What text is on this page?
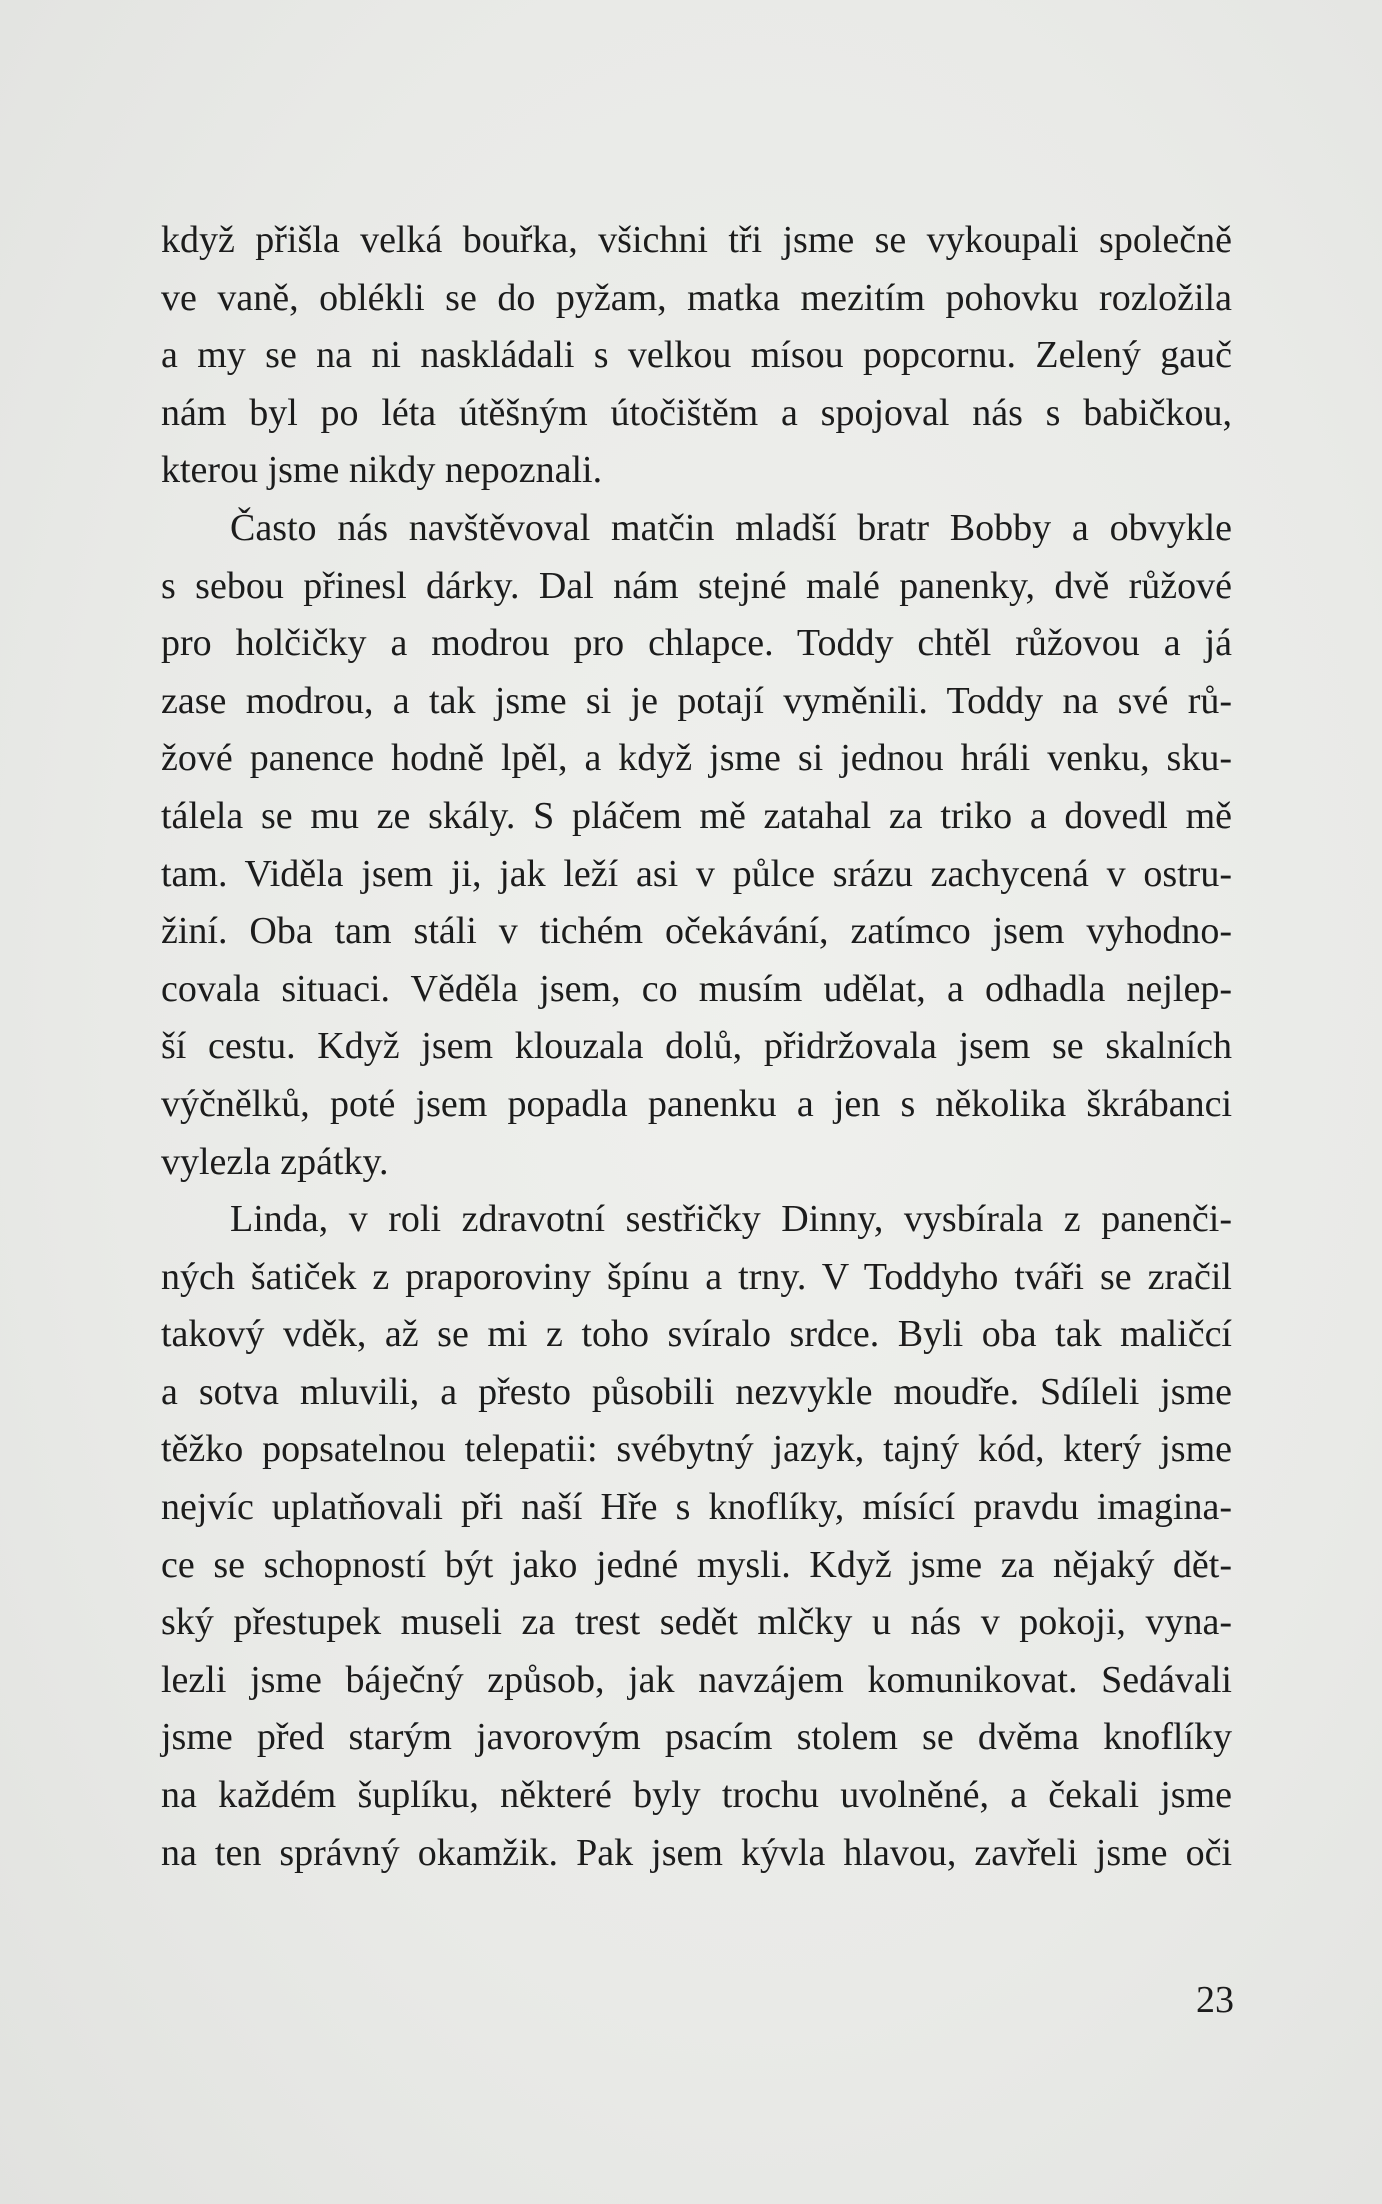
když přišla velká bouřka, všichni tři jsme se vykoupali společně
ve vaně, oblékli se do pyžam, matka mezitím pohovku rozložila
a my se na ni naskládali s velkou mísou popcornu. Zelený gauč
nám byl po léta útěšným útočištěm a spojoval nás s babičkou,
kterou jsme nikdy nepoznali.
Často nás navštěvoval matčin mladší bratr Bobby a obvykle
s sebou přinesl dárky. Dal nám stejné malé panenky, dvě růžové
pro holčičky a modrou pro chlapce. Toddy chtěl růžovou a já
zase modrou, a tak jsme si je potají vyměnili. Toddy na své rů-
žové panence hodně lpěl, a když jsme si jednou hráli venku, sku-
tálela se mu ze skály. S pláčem mě zatahal za triko a dovedl mě
tam. Viděla jsem ji, jak leží asi v půlce srázu zachycená v ostru-
žiní. Oba tam stáli v tichém očekávání, zatímco jsem vyhodno-
covala situaci. Věděla jsem, co musím udělat, a odhadla nejlep-
ší cestu. Když jsem klouzala dolů, přidržovala jsem se skalních
výčnělků, poté jsem popadla panenku a jen s několika škrábanci
vylezla zpátky.
Linda, v roli zdravotní sestřičky Dinny, vysbírala z panenči-
ných šatiček z praporoviny špínu a trny. V Toddyho tváři se zračil
takový vděk, až se mi z toho svíralo srdce. Byli oba tak maličcí
a sotva mluvili, a přesto působili nezvykle moudře. Sdíleli jsme
těžko popsatelnou telepatii: svébytný jazyk, tajný kód, který jsme
nejvíc uplatňovali při naší Hře s knoflíky, mísící pravdu imagina-
ce se schopností být jako jedné mysli. Když jsme za nějaký dět-
ský přestupek museli za trest sedět mlčky u nás v pokoji, vyna-
lezli jsme báječný způsob, jak navzájem komunikovat. Sedávali
jsme před starým javorovým psacím stolem se dvěma knoflíky
na každém šuplíku, některé byly trochu uvolněné, a čekali jsme
na ten správný okamžik. Pak jsem kývla hlavou, zavřeli jsme oči
23
